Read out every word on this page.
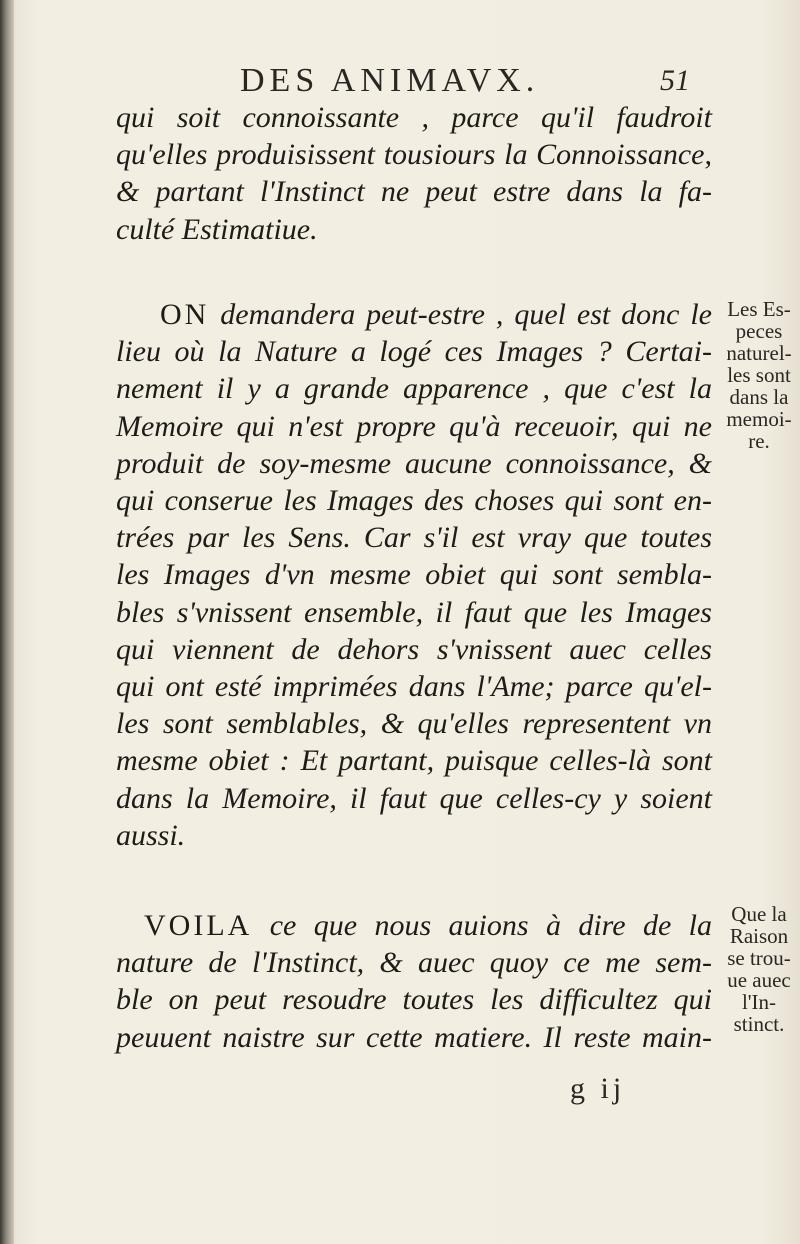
DES ANIMAVX.	51
qui soit connoissante , parce qu'il faudroit
qu'elles produisissent tousiours la Connoissance,
& partant l'Instinct ne peut estre dans la fa-
culté Estimatiue.
ON demandera peut-estre , quel est donc le
lieu où la Nature a logé ces Images ? Certai-
nement il y a grande apparence , que c'est la
Memoire qui n'est propre qu'à receuoir, qui ne
produit de soy-mesme aucune connoissance, &
qui conserue les Images des choses qui sont en-
trées par les Sens. Car s'il est vray que toutes
les Images d'vn mesme obiet qui sont sembla-
bles s'vnissent ensemble, il faut que les Images
qui viennent de dehors s'vnissent auec celles
qui ont esté imprimées dans l'Ame; parce qu'el-
les sont semblables, & qu'elles representent vn
mesme obiet : Et partant, puisque celles-là sont
dans la Memoire, il faut que celles-cy y soient
aussi.
VOILA ce que nous auions à dire de la
nature de l'Instinct, & auec quoy ce me sem-
ble on peut resoudre toutes les difficultez qui
peuuent naistre sur cette matiere. Il reste main-
Les Es-
peces
naturel-
les sont
dans la
memoi-
re.
Que la
Raison
se trou-
ue auec
l'In-
stinct.
g ij
